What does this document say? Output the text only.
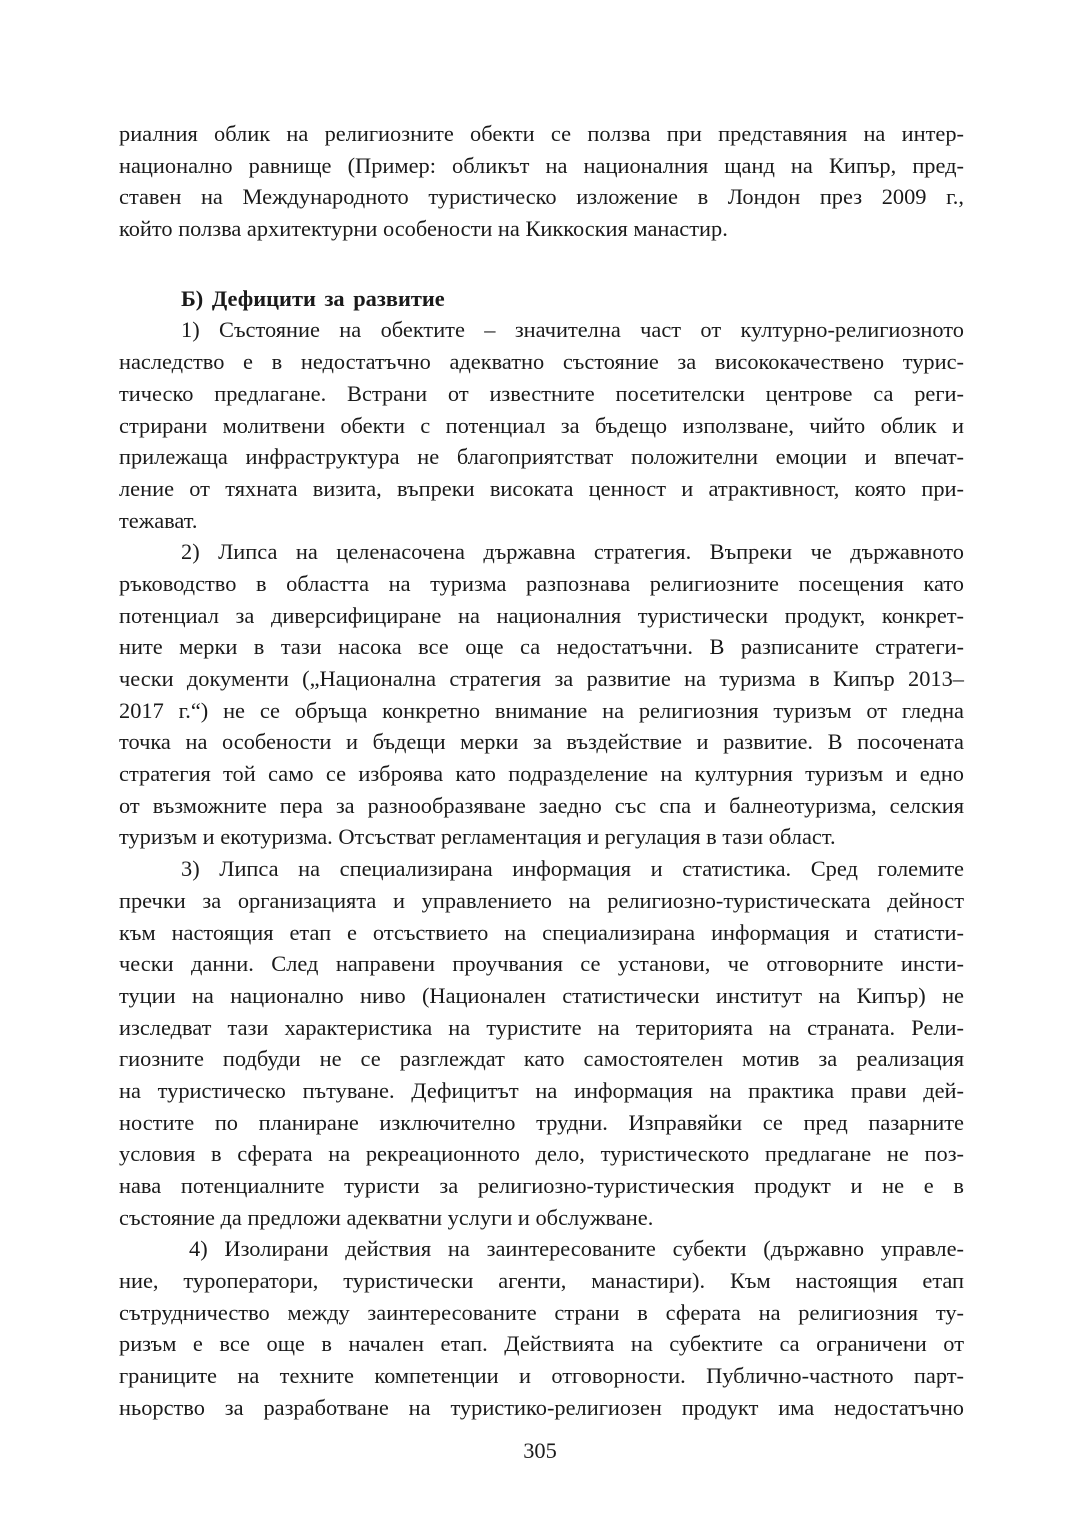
риалния облик на религиозните обекти се ползва при представяния на интер-
национално равнище (Пример: обликът на националния щанд на Кипър, пред-
ставен на Международното туристическо изложение в Лондон през 2009 г.,
който ползва архитектурни особености на Киккоския манастир.
Б) Дефицити за развитие
1) Състояние на обектите – значителна част от културно-религиозното
наследство е в недостатъчно адекватно състояние за висококачествено турис-
тическо предлагане. Встрани от известните посетителски центрове са реги-
стрирани молитвени обекти с потенциал за бъдещо използване, чийто облик и
прилежаща инфраструктура не благоприятстват положителни емоции и впечат-
ление от тяхната визита, въпреки високата ценност и атрактивност, която при-
тежават.
2) Липса на целенасочена държавна стратегия. Въпреки че държавното
ръководство в областта на туризма разпознава религиозните посещения като
потенциал за диверсифициране на националния туристически продукт, конкрет-
ните мерки в тази насока все още са недостатъчни. В разписаните стратеги-
чески документи („Национална стратегия за развитие на туризма в Кипър 2013–
2017 г.“) не се обръща конкретно внимание на религиозния туризъм от гледна
точка на особености и бъдещи мерки за въздействие и развитие. В посочената
стратегия той само се изброява като подразделение на културния туризъм и едно
от възможните пера за разнообразяване заедно със спа и балнеотуризма, селския
туризъм и екотуризма. Отсъстват регламентация и регулация в тази област.
3) Липса на специализирана информация и статистика. Сред големите
пречки за организацията и управлението на религиозно-туристическата дейност
към настоящия етап е отсъствието на специализирана информация и статисти-
чески данни. След направени проучвания се установи, че отговорните инсти-
туции на национално ниво (Национален статистически институт на Кипър) не
изследват тази характеристика на туристите на територията на страната. Рели-
гиозните подбуди не се разглеждат като самостоятелен мотив за реализация
на туристическо пътуване. Дефицитът на информация на практика прави дей-
ностите по планиране изключително трудни. Изправяйки се пред пазарните
условия в сферата на рекреационното дело, туристическото предлагане не поз-
нава потенциалните туристи за религиозно-туристическия продукт и не е в
състояние да предложи адекватни услуги и обслужване.
4) Изолирани действия на заинтересованите субекти (държавно управле-
ние, туроператори, туристически агенти, манастири). Към настоящия етап
сътрудничество между заинтересованите страни в сферата на религиозния ту-
ризъм е все още в начален етап. Действията на субектите са ограничени от
границите на техните компетенции и отговорности. Публично-частното парт-
ньорство за разработване на туристико-религиозен продукт има недостатъчно
305
